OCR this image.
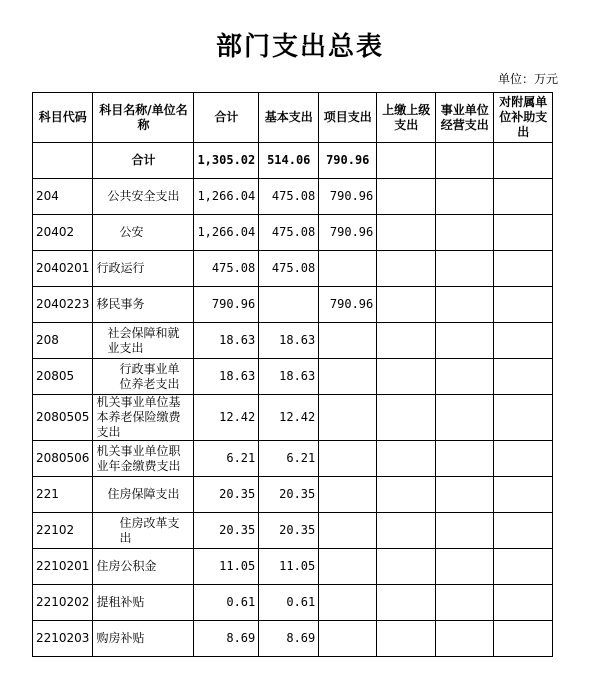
部门支出总表
单位：万元
科目代码	科目名称/单位名称	合计	基本支出	项目支出	上缴上级支出	事业单位经营支出	对附属单位补助支出
	合计	1,305.02	514.06	790.96			
204	公共安全支出	1,266.04	475.08	790.96			
20402	公安	1,266.04	475.08	790.96			
2040201	行政运行	475.08	475.08				
2040223	移民事务	790.96		790.96			
208	社会保障和就业支出	18.63	18.63				
20805	行政事业单位养老支出	18.63	18.63				
2080505	机关事业单位基本养老保险缴费支出	12.42	12.42				
2080506	机关事业单位职业年金缴费支出	6.21	6.21				
221	住房保障支出	20.35	20.35				
22102	住房改革支出	20.35	20.35				
2210201	住房公积金	11.05	11.05				
2210202	提租补贴	0.61	0.61				
2210203	购房补贴	8.69	8.69				
